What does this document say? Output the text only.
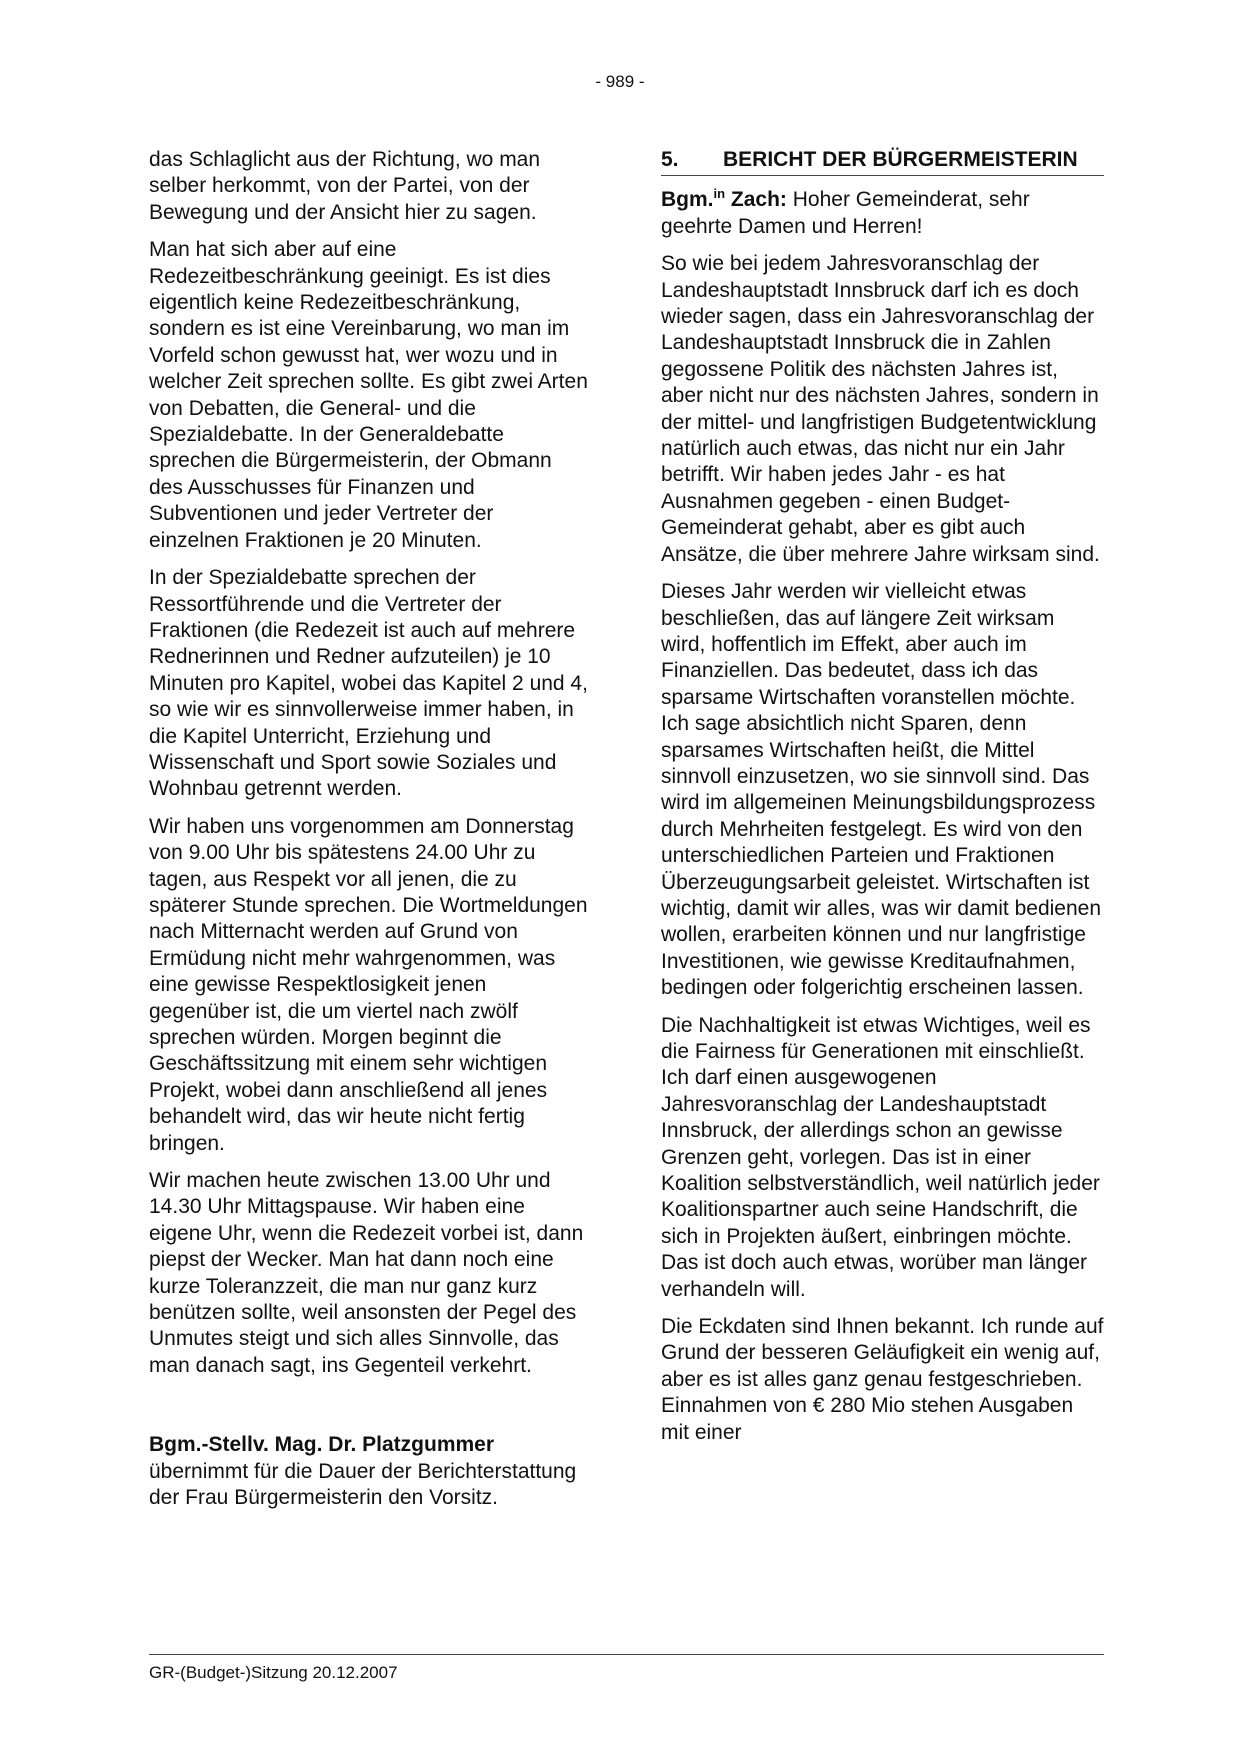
- 989 -

das Schlaglicht aus der Richtung, wo man selber herkommt, von der Partei, von der Bewegung und der Ansicht hier zu sagen.

Man hat sich aber auf eine Redezeitbeschränkung geeinigt. Es ist dies eigentlich keine Redezeitbeschränkung, sondern es ist eine Vereinbarung, wo man im Vorfeld schon gewusst hat, wer wozu und in welcher Zeit sprechen sollte. Es gibt zwei Arten von Debatten, die General- und die Spezialdebatte. In der Generaldebatte sprechen die Bürgermeisterin, der Obmann des Ausschusses für Finanzen und Subventionen und jeder Vertreter der einzelnen Fraktionen je 20 Minuten.

In der Spezialdebatte sprechen der Ressortführende und die Vertreter der Fraktionen (die Redezeit ist auch auf mehrere Rednerinnen und Redner aufzuteilen) je 10 Minuten pro Kapitel, wobei das Kapitel 2 und 4, so wie wir es sinnvollerweise immer haben, in die Kapitel Unterricht, Erziehung und Wissenschaft und Sport sowie Soziales und Wohnbau getrennt werden.

Wir haben uns vorgenommen am Donnerstag von 9.00 Uhr bis spätestens 24.00 Uhr zu tagen, aus Respekt vor all jenen, die zu späterer Stunde sprechen. Die Wortmeldungen nach Mitternacht werden auf Grund von Ermüdung nicht mehr wahrgenommen, was eine gewisse Respektlosigkeit jenen gegenüber ist, die um viertel nach zwölf sprechen würden. Morgen beginnt die Geschäftssitzung mit einem sehr wichtigen Projekt, wobei dann anschließend all jenes behandelt wird, das wir heute nicht fertig bringen.

Wir machen heute zwischen 13.00 Uhr und 14.30 Uhr Mittagspause. Wir haben eine eigene Uhr, wenn die Redezeit vorbei ist, dann piepst der Wecker. Man hat dann noch eine kurze Toleranzzeit, die man nur ganz kurz benützen sollte, weil ansonsten der Pegel des Unmutes steigt und sich alles Sinnvolle, das man danach sagt, ins Gegenteil verkehrt.

Bgm.-Stellv. Mag. Dr. Platzgummer
übernimmt für die Dauer der Berichterstattung der Frau Bürgermeisterin den Vorsitz.

5.	BERICHT DER BÜRGERMEISTERIN

Bgm.$^{in}$ Zach: Hoher Gemeinderat, sehr geehrte Damen und Herren!

So wie bei jedem Jahresvoranschlag der Landeshauptstadt Innsbruck darf ich es doch wieder sagen, dass ein Jahresvoranschlag der Landeshauptstadt Innsbruck die in Zahlen gegossene Politik des nächsten Jahres ist, aber nicht nur des nächsten Jahres, sondern in der mittel- und langfristigen Budgetentwicklung natürlich auch etwas, das nicht nur ein Jahr betrifft. Wir haben jedes Jahr - es hat Ausnahmen gegeben - einen Budget-Gemeinderat gehabt, aber es gibt auch Ansätze, die über mehrere Jahre wirksam sind.

Dieses Jahr werden wir vielleicht etwas beschließen, das auf längere Zeit wirksam wird, hoffentlich im Effekt, aber auch im Finanziellen. Das bedeutet, dass ich das sparsame Wirtschaften voranstellen möchte. Ich sage absichtlich nicht Sparen, denn sparsames Wirtschaften heißt, die Mittel sinnvoll einzusetzen, wo sie sinnvoll sind. Das wird im allgemeinen Meinungsbildungsprozess durch Mehrheiten festgelegt. Es wird von den unterschiedlichen Parteien und Fraktionen Überzeugungsarbeit geleistet. Wirtschaften ist wichtig, damit wir alles, was wir damit bedienen wollen, erarbeiten können und nur langfristige Investitionen, wie gewisse Kreditaufnahmen, bedingen oder folgerichtig erscheinen lassen.

Die Nachhaltigkeit ist etwas Wichtiges, weil es die Fairness für Generationen mit einschließt. Ich darf einen ausgewogenen Jahresvoranschlag der Landeshauptstadt Innsbruck, der allerdings schon an gewisse Grenzen geht, vorlegen. Das ist in einer Koalition selbstverständlich, weil natürlich jeder Koalitionspartner auch seine Handschrift, die sich in Projekten äußert, einbringen möchte. Das ist doch auch etwas, worüber man länger verhandeln will.

Die Eckdaten sind Ihnen bekannt. Ich runde auf Grund der besseren Geläufigkeit ein wenig auf, aber es ist alles ganz genau festgeschrieben. Einnahmen von € 280 Mio stehen Ausgaben mit einer

GR-(Budget-)Sitzung 20.12.2007
